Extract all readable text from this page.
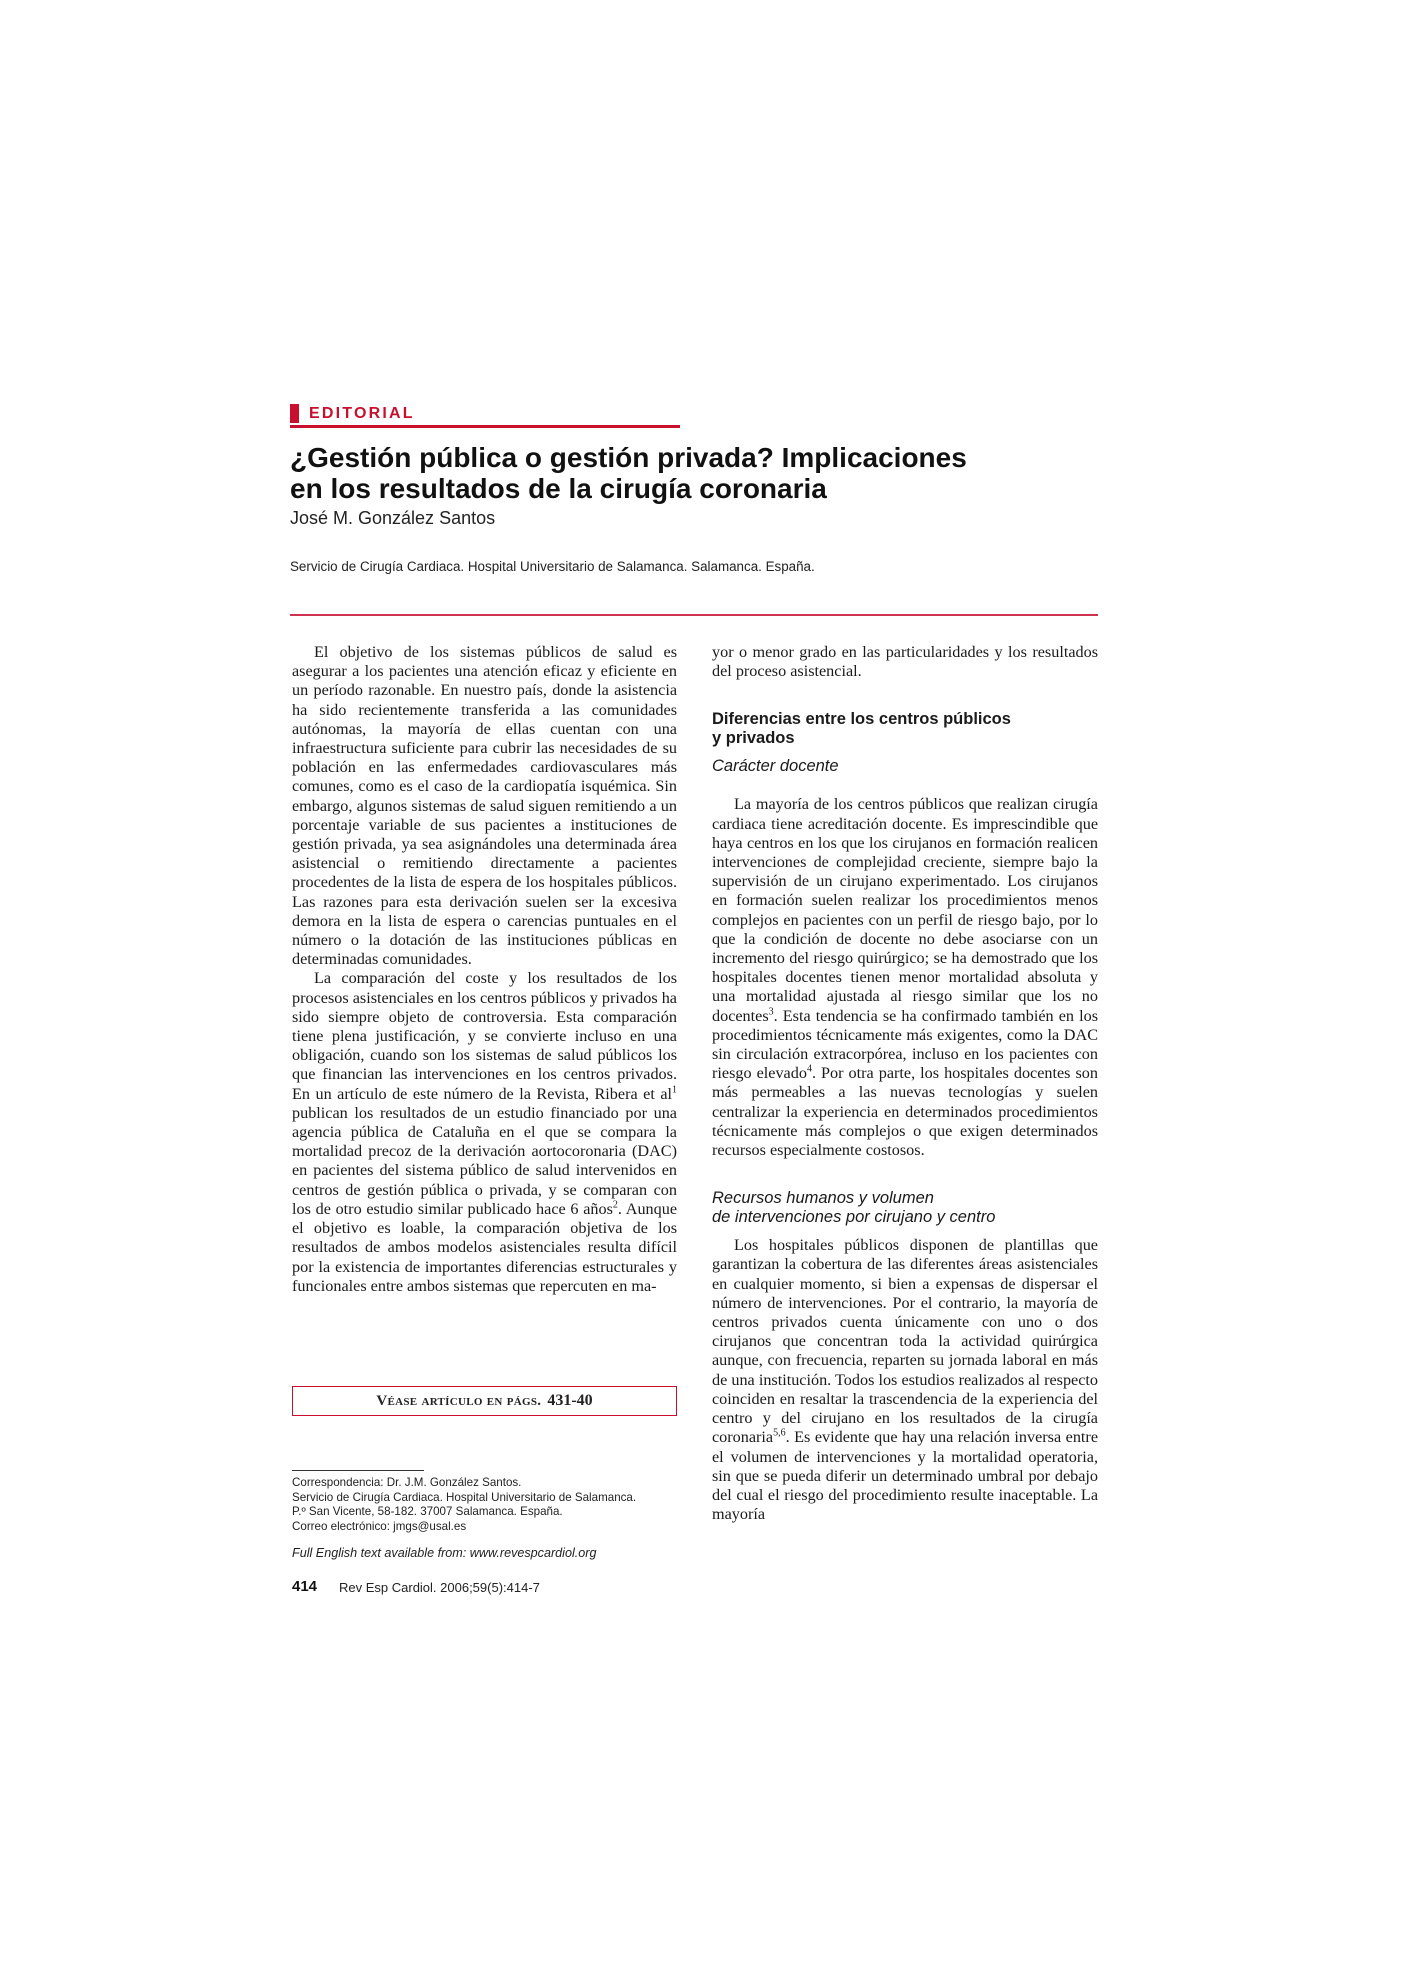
EDITORIAL
¿Gestión pública o gestión privada? Implicaciones
en los resultados de la cirugía coronaria
José M. González Santos
Servicio de Cirugía Cardiaca. Hospital Universitario de Salamanca. Salamanca. España.

El objetivo de los sistemas públicos de salud es asegurar a los pacientes una atención eficaz y eficiente en un período razonable. En nuestro país, donde la asistencia ha sido recientemente transferida a las comunidades autónomas, la mayoría de ellas cuentan con una infraestructura suficiente para cubrir las necesidades de su población en las enfermedades cardiovasculares más comunes, como es el caso de la cardiopatía isquémica. Sin embargo, algunos sistemas de salud siguen remitiendo a un porcentaje variable de sus pacientes a instituciones de gestión privada, ya sea asignándoles una determinada área asistencial o remitiendo directamente a pacientes procedentes de la lista de espera de los hospitales públicos. Las razones para esta derivación suelen ser la excesiva demora en la lista de espera o carencias puntuales en el número o la dotación de las instituciones públicas en determinadas comunidades.

La comparación del coste y los resultados de los procesos asistenciales en los centros públicos y privados ha sido siempre objeto de controversia. Esta comparación tiene plena justificación, y se convierte incluso en una obligación, cuando son los sistemas de salud públicos los que financian las intervenciones en los centros privados. En un artículo de este número de la Revista, Ribera et $al^1$ publican los resultados de un estudio financiado por una agencia pública de Cataluña en el que se compara la mortalidad precoz de la derivación aortocoronaria (DAC) en pacientes del sistema público de salud intervenidos en centros de gestión pública o privada, y se comparan con los de otro estudio similar publicado hace 6 años$^2$. Aunque el objetivo es loable, la comparación objetiva de los resultados de ambos modelos asistenciales resulta difícil por la existencia de importantes diferencias estructurales y funcionales entre ambos sistemas que repercuten en ma-

Véase artículo en págs. 431-40
Correspondencia: Dr. J.M. González Santos.
Servicio de Cirugía Cardiaca. Hospital Universitario de Salamanca.
P.º San Vicente, 58-182. 37007 Salamanca. España.
Correo electrónico: jmgs@usal.es
Full English text available from: www.revespcardiol.org
414 Rev Esp Cardiol. 2006;59(5):414-7

yor o menor grado en las particularidades y los resultados del proceso asistencial.

Diferencias entre los centros públicos
y privados
Carácter docente

La mayoría de los centros públicos que realizan cirugía cardiaca tiene acreditación docente. Es imprescindible que haya centros en los que los cirujanos en formación realicen intervenciones de complejidad creciente, siempre bajo la supervisión de un cirujano experimentado. Los cirujanos en formación suelen realizar los procedimientos menos complejos en pacientes con un perfil de riesgo bajo, por lo que la condición de docente no debe asociarse con un incremento del riesgo quirúrgico; se ha demostrado que los hospitales docentes tienen menor mortalidad absoluta y una mortalidad ajustada al riesgo similar que los no docentes$^3$. Esta tendencia se ha confirmado también en los procedimientos técnicamente más exigentes, como la DAC sin circulación extracorpórea, incluso en los pacientes con riesgo elevado$^4$. Por otra parte, los hospitales docentes son más permeables a las nuevas tecnologías y suelen centralizar la experiencia en determinados procedimientos técnicamente más complejos o que exigen determinados recursos especialmente costosos.

Recursos humanos y volumen
de intervenciones por cirujano y centro

Los hospitales públicos disponen de plantillas que garantizan la cobertura de las diferentes áreas asistenciales en cualquier momento, si bien a expensas de dispersar el número de intervenciones. Por el contrario, la mayoría de centros privados cuenta únicamente con uno o dos cirujanos que concentran toda la actividad quirúrgica aunque, con frecuencia, reparten su jornada laboral en más de una institución. Todos los estudios realizados al respecto coinciden en resaltar la trascendencia de la experiencia del centro y del cirujano en los resultados de la cirugía coronaria$^{5,6}$. Es evidente que hay una relación inversa entre el volumen de intervenciones y la mortalidad operatoria, sin que se pueda diferir un determinado umbral por debajo del cual el riesgo del procedimiento resulte inaceptable. La mayoría
